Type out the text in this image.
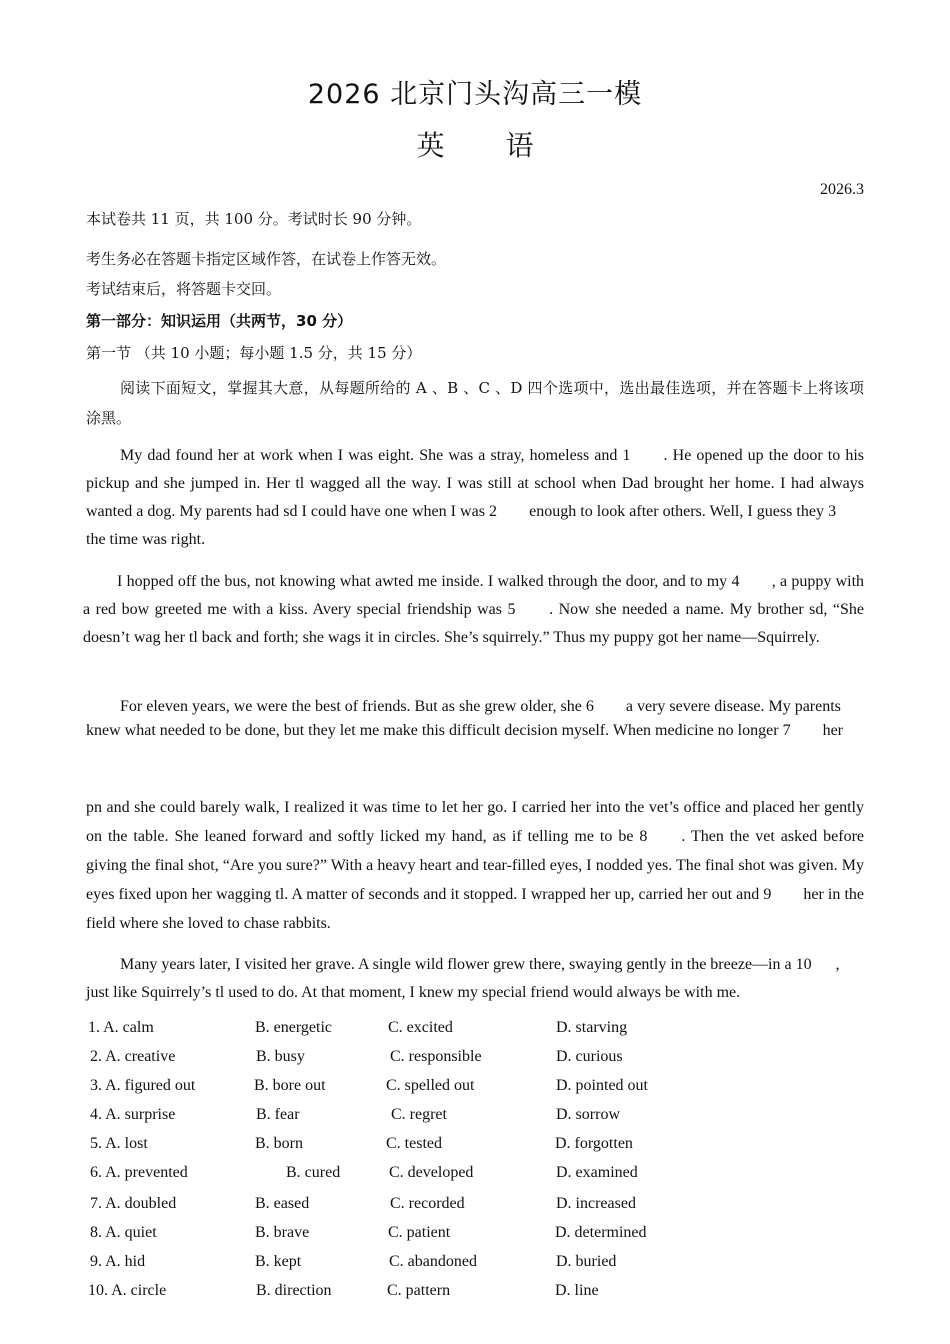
2026 北京门头沟高三一模
英 语
2026.3
本试卷共 11 页，共 100 分。考试时长 90 分钟。
考生务必在答题卡指定区域作答，在试卷上作答无效。
考试结束后，将答题卡交回。
第一部分：知识运用（共两节，30 分）
第一节 （共 10 小题；每小题 1.5 分，共 15 分）
阅读下面短文，掌握其大意，从每题所给的 A 、B 、C 、D 四个选项中，选出最佳选项，并在答题卡上将该项涂黑。
My dad found her at work when I was eight. She was a stray, homeless and 1 . He opened up the door to his pickup and she jumped in. Her tl wagged all the way. I was still at school when Dad brought her home. I had always wanted a dog. My parents had sd I could have one when I was 2 enough to look after others. Well, I guess they 3 the time was right.
I hopped off the bus, not knowing what awted me inside. I walked through the door, and to my 4 , a puppy with a red bow greeted me with a kiss. Avery special friendship was 5 . Now she needed a name. My brother sd, “She doesn’t wag her tl back and forth; she wags it in circles. She’s squirrely.” Thus my puppy got her name—Squirrely.
For eleven years, we were the best of friends. But as she grew older, she 6 a very severe disease. My parents knew what needed to be done, but they let me make this difficult decision myself. When medicine no longer 7 her
pn and she could barely walk, I realized it was time to let her go. I carried her into the vet’s office and placed her gently on the table. She leaned forward and softly licked my hand, as if telling me to be 8 . Then the vet asked before giving the final shot, “Are you sure?” With a heavy heart and tear-filled eyes, I nodded yes. The final shot was given. My eyes fixed upon her wagging tl. A matter of seconds and it stopped. I wrapped her up, carried her out and 9 her in the field where she loved to chase rabbits.
Many years later, I visited her grave. A single wild flower grew there, swaying gently in the breeze—in a 10 , just like Squirrely’s tl used to do. At that moment, I knew my special friend would always be with me.
1. A. calm	B. energetic	C. excited	D. starving
2. A. creative	B. busy	C. responsible	D. curious
3. A. figured out	B. bore out	C. spelled out	D. pointed out
4. A. surprise	B. fear	C. regret	D. sorrow
5. A. lost	B. born	C. tested	D. forgotten
6. A. prevented	B. cured	C. developed	D. examined
7. A. doubled	B. eased	C. recorded	D. increased
8. A. quiet	B. brave	C. patient	D. determined
9. A. hid	B. kept	C. abandoned	D. buried
10. A. circle	B. direction	C. pattern	D. line
